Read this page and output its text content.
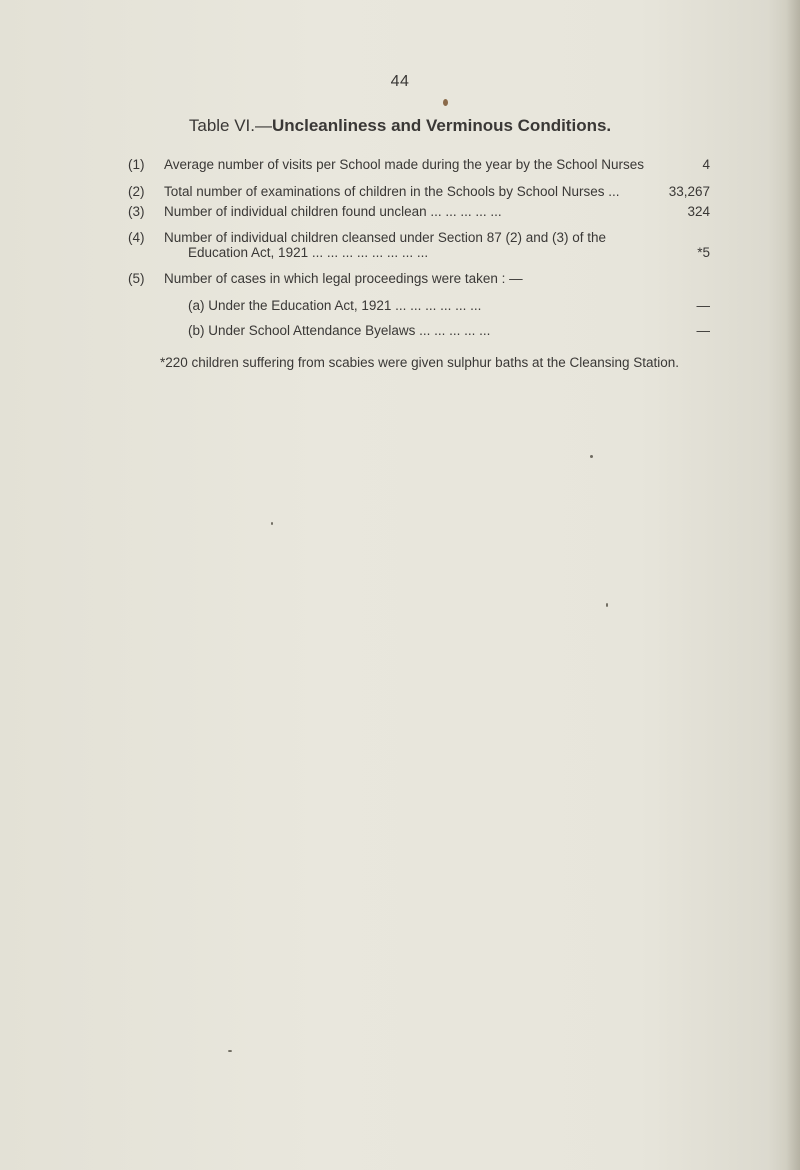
44
Table VI.—Uncleanliness and Verminous Conditions.
(1)	Average number of visits per School made during the year by the School Nurses	4
(2)	Total number of examinations of children in the Schools by School Nurses ...	33,267
(3)	Number of individual children found unclean ... ... ... ... ...	324
(4)	Number of individual children cleansed under Section 87 (2) and (3) of the
Education Act, 1921 ... ... ... ... ... ... ... ...	*5
(5)	Number of cases in which legal proceedings were taken : —
(a) Under the Education Act, 1921 ... ... ... ... ... ...	—
(b) Under School Attendance Byelaws ... ... ... ... ...	—
*220 children suffering from scabies were given sulphur baths at the Cleansing Station.
